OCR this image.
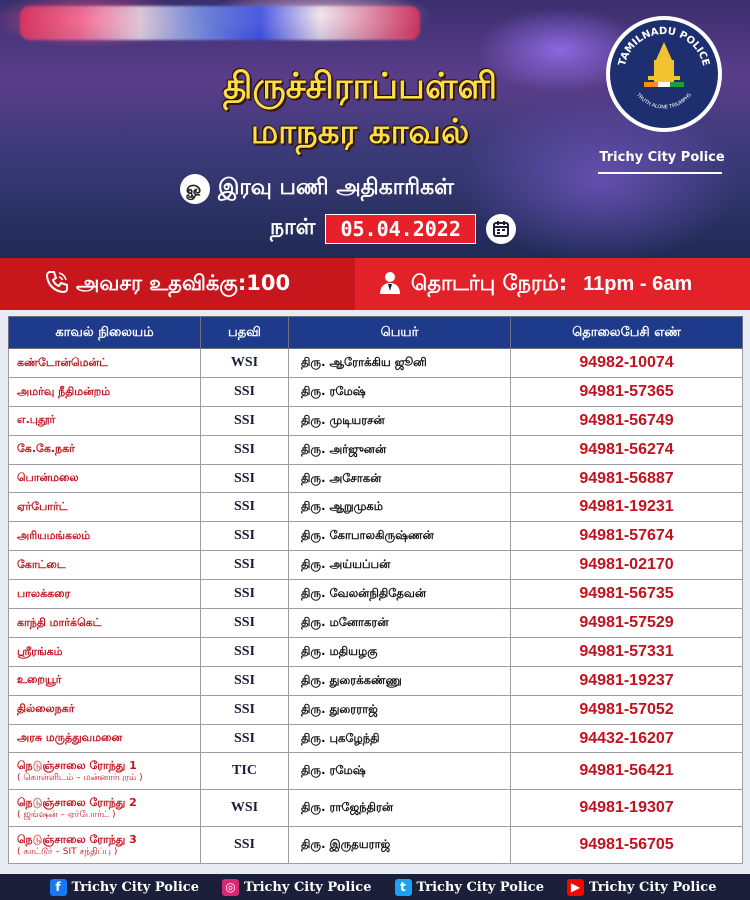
திருச்சிராப்பள்ளி
மாநகர காவல்
ௐ இரவு பணி அதிகாரிகள்
நாள்	05.04.2022
TAMILNADU POLICE
TRUTH ALONE TRIUMPHS
Trichy City Police
அவசர உதவிக்கு:100	தொடர்பு நேரம்: 11pm - 6am
காவல் நிலையம்	பதவி	பெயர்	தொலைபேசி எண்
கண்டோன்மென்ட்	WSI	திரு. ஆரோக்கிய ஜூனி	94982-10074
அமர்வு நீதிமன்றம்	SSI	திரு. ரமேஷ்	94981-57365
எ.புதூர்	SSI	திரு. முடியரசன்	94981-56749
கே.கே.நகர்	SSI	திரு. அர்ஜுனன்	94981-56274
பொன்மலை	SSI	திரு. அசோகன்	94981-56887
ஏர்போர்ட்	SSI	திரு. ஆறுமுகம்	94981-19231
அரியமங்கலம்	SSI	திரு. கோபாலகிருஷ்ணன்	94981-57674
கோட்டை	SSI	திரு. அய்யப்பன்	94981-02170
பாலக்கரை	SSI	திரு. வேலன்நிதிதேவன்	94981-56735
காந்தி மார்க்கெட்	SSI	திரு. மனோகரன்	94981-57529
ஸ்ரீரங்கம்	SSI	திரு. மதியழகு	94981-57331
உறையூர்	SSI	திரு. துரைக்கண்ணு	94981-19237
தில்லைநகர்	SSI	திரு. துரைராஜ்	94981-57052
அரசு மருத்துவமனை	SSI	திரு. புகழேந்தி	94432-16207
நெடுஞ்சாலை ரோந்து 1
( கொள்ளிடம் – மன்னார்புரம் )	TIC	திரு. ரமேஷ்	94981-56421
நெடுஞ்சாலை ரோந்து 2
( ஜங்ஷன் – ஏர்போர்ட் )	WSI	திரு. ராஜேந்திரன்	94981-19307
நெடுஞ்சாலை ரோந்து 3
( காட்டூர் – SIT சந்திப்பு )	SSI	திரு. இருதயராஜ்	94981-56705
f Trichy City Police ◎ Trichy City Police	t Trichy City Police	▶ Trichy City Police
